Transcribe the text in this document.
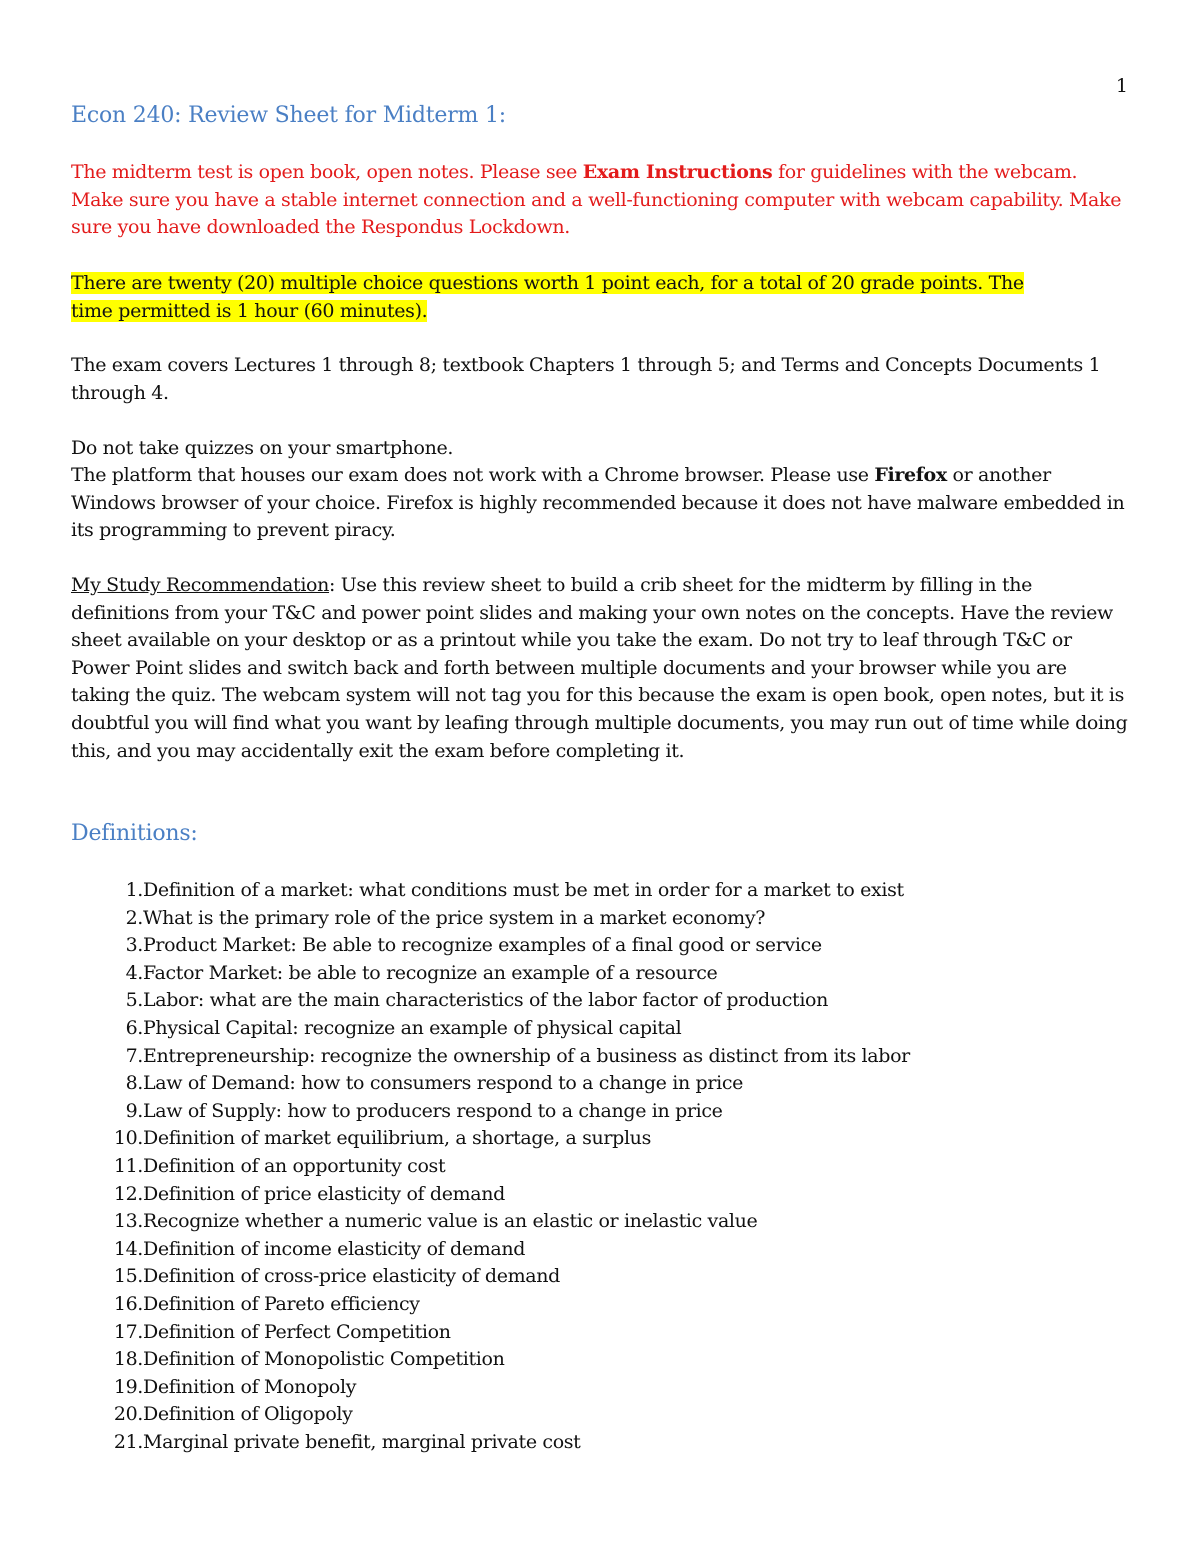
1
Econ 240: Review Sheet for Midterm 1:

The midterm test is open book, open notes. Please see Exam Instructions for guidelines with the webcam. Make sure you have a stable internet connection and a well-functioning computer with webcam capability. Make sure you have downloaded the Respondus Lockdown.

There are twenty (20) multiple choice questions worth 1 point each, for a total of 20 grade points. The
time permitted is 1 hour (60 minutes).

The exam covers Lectures 1 through 8; textbook Chapters 1 through 5; and Terms and Concepts Documents 1 through 4.

Do not take quizzes on your smartphone.

The platform that houses our exam does not work with a Chrome browser. Please use Firefox or another Windows browser of your choice. Firefox is highly recommended because it does not have malware embedded in its programming to prevent piracy.

My Study Recommendation: Use this review sheet to build a crib sheet for the midterm by filling in the definitions from your T&C and power point slides and making your own notes on the concepts. Have the review sheet available on your desktop or as a printout while you take the exam. Do not try to leaf through T&C or Power Point slides and switch back and forth between multiple documents and your browser while you are taking the quiz. The webcam system will not tag you for this because the exam is open book, open notes, but it is doubtful you will find what you want by leafing through multiple documents, you may run out of time while doing this, and you may accidentally exit the exam before completing it.

Definitions:
1. Definition of a market: what conditions must be met in order for a market to exist
2. What is the primary role of the price system in a market economy?
3. Product Market: Be able to recognize examples of a final good or service
4. Factor Market: be able to recognize an example of a resource
5. Labor: what are the main characteristics of the labor factor of production
6. Physical Capital: recognize an example of physical capital
7. Entrepreneurship: recognize the ownership of a business as distinct from its labor
8. Law of Demand: how to consumers respond to a change in price
9. Law of Supply: how to producers respond to a change in price
10. Definition of market equilibrium, a shortage, a surplus
11. Definition of an opportunity cost
12. Definition of price elasticity of demand
13. Recognize whether a numeric value is an elastic or inelastic value
14. Definition of income elasticity of demand
15. Definition of cross-price elasticity of demand
16. Definition of Pareto efficiency
17. Definition of Perfect Competition
18. Definition of Monopolistic Competition
19. Definition of Monopoly
20. Definition of Oligopoly
21. Marginal private benefit, marginal private cost
